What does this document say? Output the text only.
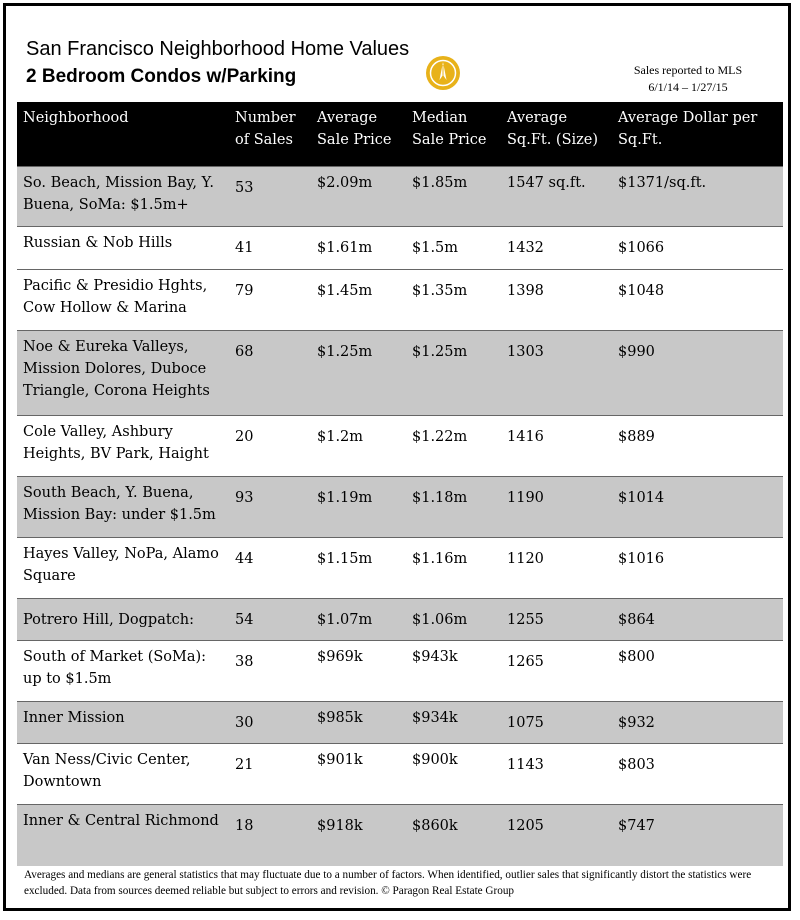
San Francisco Neighborhood Home Values
2 Bedroom Condos w/Parking	Sales reported to MLS
6/1/14 – 1/27/15
Neighborhood	Number of Sales	Average Sale Price	Median Sale Price	Average Sq.Ft. (Size)	Average Dollar per Sq.Ft.
So. Beach, Mission Bay, Y. Buena, SoMa: $1.5m+	53	$2.09m	$1.85m	1547 sq.ft.	$1371/sq.ft.
Russian & Nob Hills	41	$1.61m	$1.5m	1432	$1066
Pacific & Presidio Hghts, Cow Hollow & Marina	79	$1.45m	$1.35m	1398	$1048
Noe & Eureka Valleys, Mission Dolores, Duboce Triangle, Corona Heights	68	$1.25m	$1.25m	1303	$990
Cole Valley, Ashbury Heights, BV Park, Haight	20	$1.2m	$1.22m	1416	$889
South Beach, Y. Buena, Mission Bay: under $1.5m	93	$1.19m	$1.18m	1190	$1014
Hayes Valley, NoPa, Alamo Square	44	$1.15m	$1.16m	1120	$1016
Potrero Hill, Dogpatch:	54	$1.07m	$1.06m	1255	$864
South of Market (SoMa): up to $1.5m	38	$969k	$943k	1265	$800
Inner Mission	30	$985k	$934k	1075	$932
Van Ness/Civic Center, Downtown	21	$901k	$900k	1143	$803
Inner & Central Richmond	18	$918k	$860k	1205	$747
Averages and medians are general statistics that may fluctuate due to a number of factors. When identified, outlier sales that significantly distort the statistics were excluded. Data from sources deemed reliable but subject to errors and revision. © Paragon Real Estate Group
